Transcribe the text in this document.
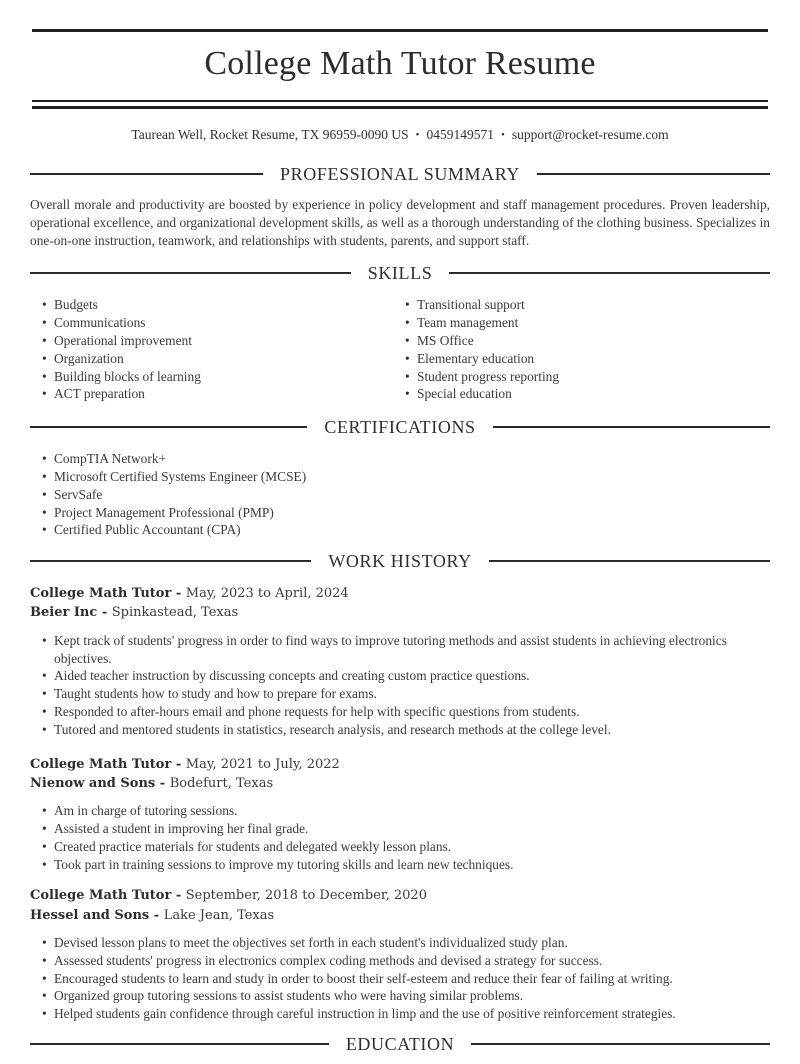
College Math Tutor Resume
Taurean Well, Rocket Resume, TX 96959-0090 US • 0459149571 • support@rocket-resume.com
PROFESSIONAL SUMMARY

Overall morale and productivity are boosted by experience in policy development and staff management procedures. Proven leadership, operational excellence, and organizational development skills, as well as a thorough understanding of the clothing business. Specializes in one-on-one instruction, teamwork, and relationships with students, parents, and support staff.

SKILLS
• Budgets
• Communications
• Operational improvement
• Organization
• Building blocks of learning
• ACT preparation
• Transitional support
• Team management
• MS Office
• Elementary education
• Student progress reporting
• Special education
CERTIFICATIONS
• CompTIA Network+
• Microsoft Certified Systems Engineer (MCSE)
• ServSafe
• Project Management Professional (PMP)
• Certified Public Accountant (CPA)
WORK HISTORY
College Math Tutor - May, 2023 to April, 2024
Beier Inc - Spinkastead, Texas
• Kept track of students' progress in order to find ways to improve tutoring methods and assist students in achieving electronics objectives.
• Aided teacher instruction by discussing concepts and creating custom practice questions.
• Taught students how to study and how to prepare for exams.
• Responded to after-hours email and phone requests for help with specific questions from students.
• Tutored and mentored students in statistics, research analysis, and research methods at the college level.
College Math Tutor - May, 2021 to July, 2022
Nienow and Sons - Bodefurt, Texas
• Am in charge of tutoring sessions.
• Assisted a student in improving her final grade.
• Created practice materials for students and delegated weekly lesson plans.
• Took part in training sessions to improve my tutoring skills and learn new techniques.
College Math Tutor - September, 2018 to December, 2020
Hessel and Sons - Lake Jean, Texas
• Devised lesson plans to meet the objectives set forth in each student's individualized study plan.
• Assessed students' progress in electronics complex coding methods and devised a strategy for success.
• Encouraged students to learn and study in order to boost their self-esteem and reduce their fear of failing at writing.
• Organized group tutoring sessions to assist students who were having similar problems.
• Helped students gain confidence through careful instruction in limp and the use of positive reinforcement strategies.
EDUCATION
